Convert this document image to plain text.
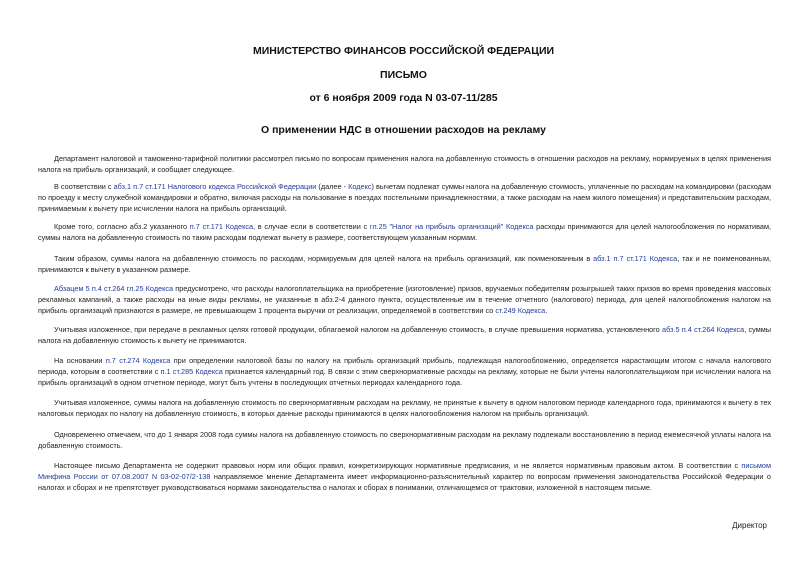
МИНИСТЕРСТВО ФИНАНСОВ РОССИЙСКОЙ ФЕДЕРАЦИИ
ПИСЬМО
от 6 ноября 2009 года N 03-07-11/285
О применении НДС в отношении расходов на рекламу

Департамент налоговой и таможенно-тарифной политики рассмотрел письмо по вопросам применения налога на добавленную стоимость в отношении расходов на рекламу, нормируемых в целях применения налога на прибыль организаций, и сообщает следующее.

В соответствии с абз.1 п.7 ст.171 Налогового кодекса Российской Федерации (далее - Кодекс) вычетам подлежат суммы налога на добавленную стоимость, уплаченные по расходам на командировки (расходам по проезду к месту служебной командировки и обратно, включая расходы на пользование в поездах постельными принадлежностями, а также расходам на наем жилого помещения) и представительским расходам, принимаемым к вычету при исчислении налога на прибыль организаций.

Кроме того, согласно абз.2 указанного п.7 ст.171 Кодекса, в случае если в соответствии с гл.25 "Налог на прибыль организаций" Кодекса расходы принимаются для целей налогообложения по нормативам, суммы налога на добавленную стоимость по таким расходам подлежат вычету в размере, соответствующем указанным нормам.

Таким образом, суммы налога на добавленную стоимость по расходам, нормируемым для целей налога на прибыль организаций, как поименованным в абз.1 п.7 ст.171 Кодекса, так и не поименованным, принимаются к вычету в указанном размере.

Абзацем 5 п.4 ст.264 гл.25 Кодекса предусмотрено, что расходы налогоплательщика на приобретение (изготовление) призов, вручаемых победителям розыгрышей таких призов во время проведения массовых рекламных кампаний, а также расходы на иные виды рекламы, не указанные в абз.2-4 данного пункта, осуществленные им в течение отчетного (налогового) периода, для целей налогообложения налогом на прибыль организаций признаются в размере, не превышающем 1 процента выручки от реализации, определяемой в соответствии со ст.249 Кодекса.

Учитывая изложенное, при передаче в рекламных целях готовой продукции, облагаемой налогом на добавленную стоимость, в случае превышения норматива, установленного абз.5 п.4 ст.264 Кодекса, суммы налога на добавленную стоимость к вычету не принимаются.

На основании п.7 ст.274 Кодекса при определении налоговой базы по налогу на прибыль организаций прибыль, подлежащая налогообложению, определяется нарастающим итогом с начала налогового периода, которым в соответствии с п.1 ст.285 Кодекса признается календарный год. В связи с этим сверхнормативные расходы на рекламу, которые не были учтены налогоплательщиком при исчислении налога на прибыль организаций в одном отчетном периоде, могут быть учтены в последующих отчетных периодах календарного года.

Учитывая изложенное, суммы налога на добавленную стоимость по сверхнормативным расходам на рекламу, не принятые к вычету в одном налоговом периоде календарного года, принимаются к вычету в тех налоговых периодах по налогу на добавленную стоимость, в которых данные расходы принимаются в целях налогообложения налогом на прибыль организаций.

Одновременно отмечаем, что до 1 января 2008 года суммы налога на добавленную стоимость по сверхнормативным расходам на рекламу подлежали восстановлению в период ежемесячной уплаты налога на добавленную стоимость.

Настоящее письмо Департамента не содержит правовых норм или общих правил, конкретизирующих нормативные предписания, и не является нормативным правовым актом. В соответствии с письмом Минфина России от 07.08.2007 N 03-02-07/2-138 направляемое мнение Департамента имеет информационно-разъяснительный характер по вопросам применения законодательства Российской Федерации о налогах и сборах и не препятствует руководствоваться нормами законодательства о налогах и сборах в понимании, отличающемся от трактовки, изложенной в настоящем письме.

Директор
